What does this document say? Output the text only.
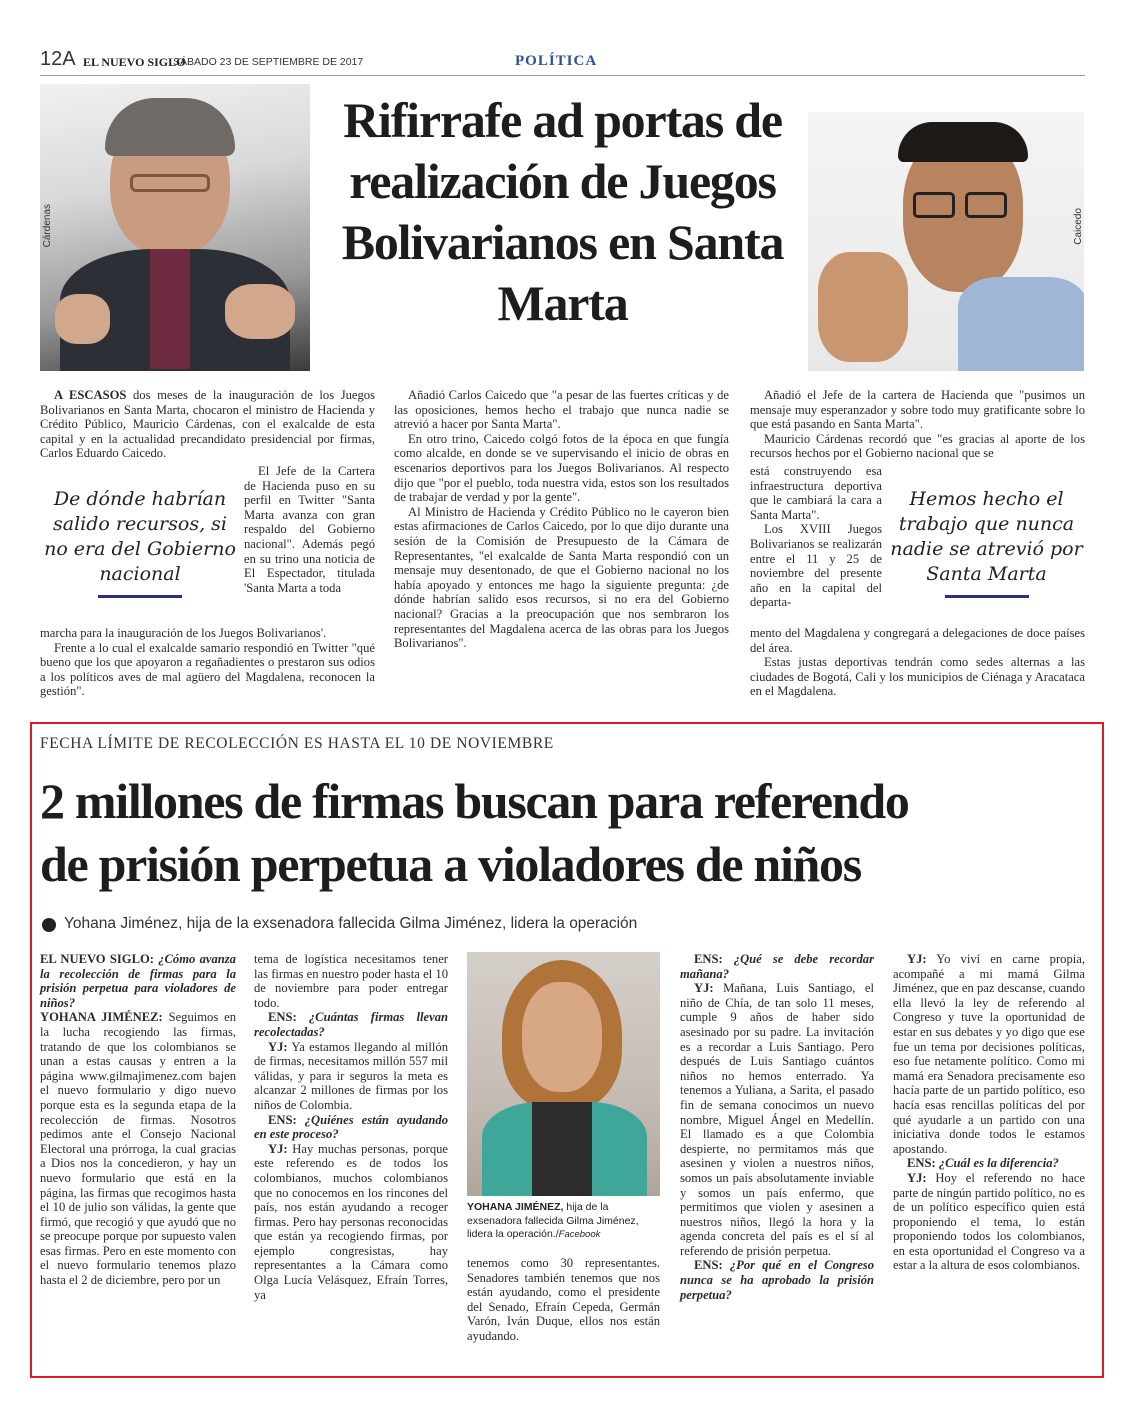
12A EL NUEVO SIGLO
SÁBADO 23 DE SEPTIEMBRE DE 2017	POLÍTICA
Cárdenas	Caicedo
Rifirrafe ad portas de realización de Juegos Bolivarianos en Santa Marta

A ESCASOS dos meses de la inauguración de los Juegos Bolivarianos en Santa Marta, chocaron el ministro de Hacienda y Crédito Público, Mauricio Cárdenas, con el exalcalde de esta capital y en la actualidad precandidato presidencial por firmas, Carlos Eduardo Caicedo.

De dónde habrían salido recursos, si no era del Gobierno nacional

El Jefe de la Cartera de Hacienda puso en su perfil en Twitter "Santa Marta avanza con gran respaldo del Gobierno nacional". Además pegó en su trino una noticia de El Espectador, titulada 'Santa Marta a toda

marcha para la inauguración de los Juegos Bolivarianos'.

Frente a lo cual el exalcalde samario respondió en Twitter "qué bueno que los que apoyaron a regañadientes o prestaron sus odios a los políticos aves de mal agüero del Magdalena, reconocen la gestión".

Añadió Carlos Caicedo que "a pesar de las fuertes críticas y de las oposiciones, hemos hecho el trabajo que nunca nadie se atrevió a hacer por Santa Marta".

En otro trino, Caicedo colgó fotos de la época en que fungía como alcalde, en donde se ve supervisando el inicio de obras en escenarios deportivos para los Juegos Bolivarianos. Al respecto dijo que "por el pueblo, toda nuestra vida, estos son los resultados de trabajar de verdad y por la gente".

Al Ministro de Hacienda y Crédito Público no le cayeron bien estas afirmaciones de Carlos Caicedo, por lo que dijo durante una sesión de la Comisión de Presupuesto de la Cámara de Representantes, "el exalcalde de Santa Marta respondió con un mensaje muy desentonado, de que el Gobierno nacional no los había apoyado y entonces me hago la siguiente pregunta: ¿de dónde habrían salido esos recursos, si no era del Gobierno nacional? Gracias a la preocupación que nos sembraron los representantes del Magdalena acerca de las obras para los Juegos Bolivarianos".

Añadió el Jefe de la cartera de Hacienda que "pusimos un mensaje muy esperanzador y sobre todo muy gratificante sobre lo que está pasando en Santa Marta".

Mauricio Cárdenas recordó que "es gracias al aporte de los recursos hechos por el Gobierno nacional que se

está construyendo esa infraestructura deportiva que le cambiará la cara a Santa Marta".

Los XVIII Juegos Bolivarianos se realizarán entre el 11 y 25 de noviembre del presente año en la capital del departa-

Hemos hecho el trabajo que nunca nadie se atrevió por Santa Marta

mento del Magdalena y congregará a delegaciones de doce países del área.

Estas justas deportivas tendrán como sedes alternas a las ciudades de Bogotá, Cali y los municipios de Ciénaga y Aracataca en el Magdalena.

FECHA LÍMITE DE RECOLECCIÓN ES HASTA EL 10 DE NOVIEMBRE
2 millones de firmas buscan para referendo
de prisión perpetua a violadores de niños
Yohana Jiménez, hija de la exsenadora fallecida Gilma Jiménez, lidera la operación

EL NUEVO SIGLO: ¿Cómo avanza la recolección de firmas para la prisión perpetua para violadores de niños?

YOHANA JIMÉNEZ: Seguimos en la lucha recogiendo las firmas, tratando de que los colombianos se unan a estas causas y entren a la página www.gilmajimenez.com bajen el nuevo formulario y digo nuevo porque esta es la segunda etapa de la recolección de firmas. Nosotros pedimos ante el Consejo Nacional Electoral una prórroga, la cual gracias a Dios nos la concedieron, y hay un nuevo formulario que está en la página, las firmas que recogimos hasta el 10 de julio son válidas, la gente que firmó, que recogió y que ayudó que no se preocupe porque por supuesto valen esas firmas. Pero en este momento con el nuevo formulario tenemos plazo hasta el 2 de diciembre, pero por un

tema de logística necesitamos tener las firmas en nuestro poder hasta el 10 de noviembre para poder entregar todo.

ENS: ¿Cuántas firmas llevan recolectadas?

YJ: Ya estamos llegando al millón de firmas, necesitamos millón 557 mil válidas, y para ir seguros la meta es alcanzar 2 millones de firmas por los niños de Colombia.

ENS: ¿Quiénes están ayudando en este proceso?

YJ: Hay muchas personas, porque este referendo es de todos los colombianos, muchos colombianos que no conocemos en los rincones del país, nos están ayudando a recoger firmas. Pero hay personas reconocidas que están ya recogiendo firmas, por ejemplo congresistas, hay representantes a la Cámara como Olga Lucía Velásquez, Efraín Torres, ya

YOHANA JIMÉNEZ, hija de la exsenadora fallecida Gilma Jiménez, lidera la operación./Facebook

tenemos como 30 representantes. Senadores también tenemos que nos están ayudando, como el presidente del Senado, Efraín Cepeda, Germán Varón, Iván Duque, ellos nos están ayudando.

ENS: ¿Qué se debe recordar mañana?

YJ: Mañana, Luis Santiago, el niño de Chía, de tan solo 11 meses, cumple 9 años de haber sido asesinado por su padre. La invitación es a recordar a Luis Santiago. Pero después de Luis Santiago cuántos niños no hemos enterrado. Ya tenemos a Yuliana, a Sarita, el pasado fin de semana conocimos un nuevo nombre, Miguel Ángel en Medellín. El llamado es a que Colombia despierte, no permitamos más que asesinen y violen a nuestros niños, somos un país absolutamente inviable y somos un país enfermo, que permitimos que violen y asesinen a nuestros niños, llegó la hora y la agenda concreta del país es el sí al referendo de prisión perpetua.

ENS: ¿Por qué en el Congreso nunca se ha aprobado la prisión perpetua?

YJ: Yo viví en carne propia, acompañé a mi mamá Gilma Jiménez, que en paz descanse, cuando ella llevó la ley de referendo al Congreso y tuve la oportunidad de estar en sus debates y yo digo que ese fue un tema por decisiones políticas, eso fue netamente político. Como mi mamá era Senadora precisamente eso hacía parte de un partido político, eso hacía esas rencillas políticas del por qué ayudarle a un partido con una iniciativa donde todos le estamos apostando.

ENS: ¿Cuál es la diferencia?

YJ: Hoy el referendo no hace parte de ningún partido político, no es de un político específico quien está proponiendo el tema, lo están proponiendo todos los colombianos, en esta oportunidad el Congreso va a estar a la altura de esos colombianos.
